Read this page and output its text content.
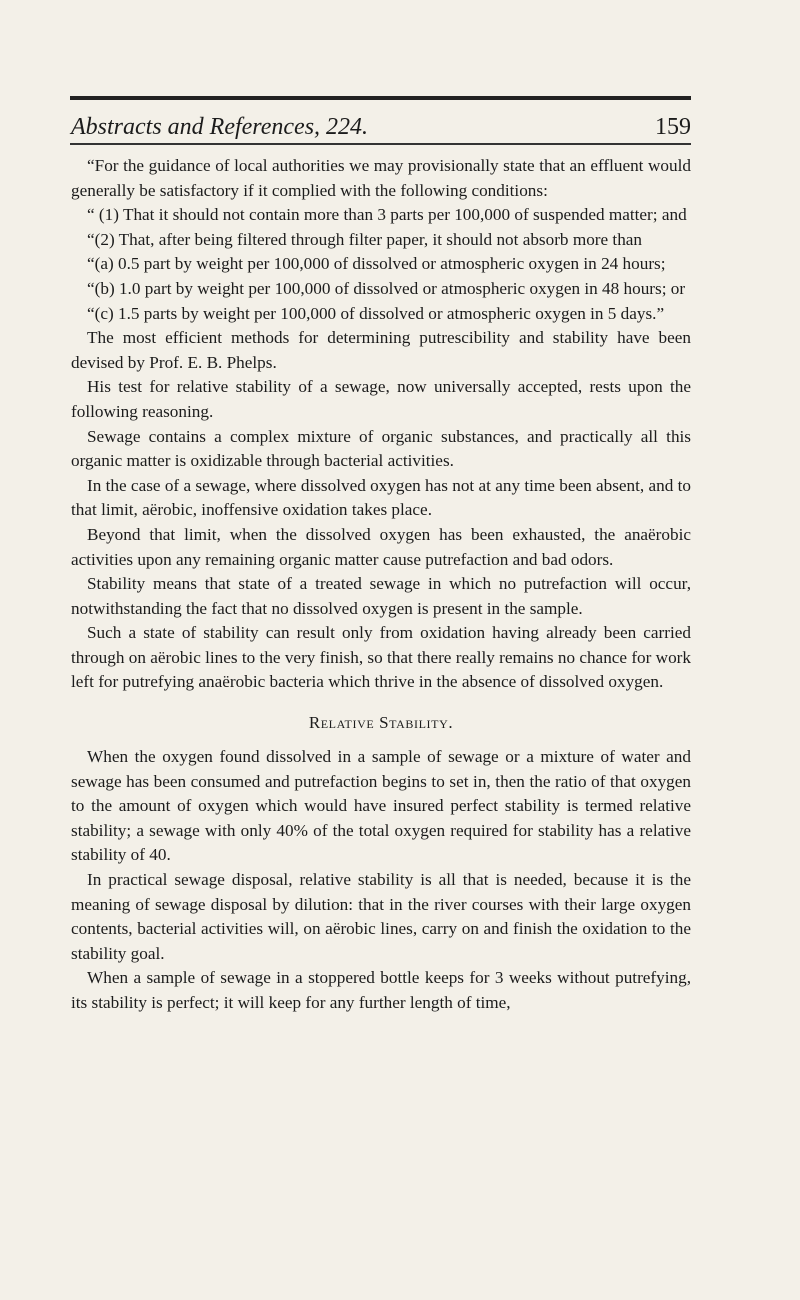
Abstracts and References, 224.	159

“For the guidance of local authorities we may provisionally state that an effluent would generally be satisfactory if it complied with the following conditions:

“ (1) That it should not contain more than 3 parts per 100,000 of suspended matter; and

“(2) That, after being filtered through filter paper, it should not absorb more than

“(a) 0.5 part by weight per 100,000 of dissolved or atmospheric oxygen in 24 hours;

“(b) 1.0 part by weight per 100,000 of dissolved or atmospheric oxygen in 48 hours; or

“(c) 1.5 parts by weight per 100,000 of dissolved or atmospheric oxygen in 5 days.”

The most efficient methods for determining putrescibility and stability have been devised by Prof. E. B. Phelps.

His test for relative stability of a sewage, now universally accepted, rests upon the following reasoning.

Sewage contains a complex mixture of organic substances, and practically all this organic matter is oxidizable through bacterial activities.

In the case of a sewage, where dissolved oxygen has not at any time been absent, and to that limit, aërobic, inoffensive oxidation takes place.

Beyond that limit, when the dissolved oxygen has been exhausted, the anaërobic activities upon any remaining organic matter cause putrefaction and bad odors.

Stability means that state of a treated sewage in which no putrefaction will occur, notwithstanding the fact that no dissolved oxygen is present in the sample.

Such a state of stability can result only from oxidation having already been carried through on aërobic lines to the very finish, so that there really remains no chance for work left for putrefying anaërobic bacteria which thrive in the absence of dissolved oxygen.

Relative Stability.

When the oxygen found dissolved in a sample of sewage or a mixture of water and sewage has been consumed and putrefaction begins to set in, then the ratio of that oxygen to the amount of oxygen which would have insured perfect stability is termed relative stability; a sewage with only 40% of the total oxygen required for stability has a relative stability of 40.

In practical sewage disposal, relative stability is all that is needed, because it is the meaning of sewage disposal by dilution: that in the river courses with their large oxygen contents, bacterial activities will, on aërobic lines, carry on and finish the oxidation to the stability goal.

When a sample of sewage in a stoppered bottle keeps for 3 weeks without putrefying, its stability is perfect; it will keep for any further length of time,
